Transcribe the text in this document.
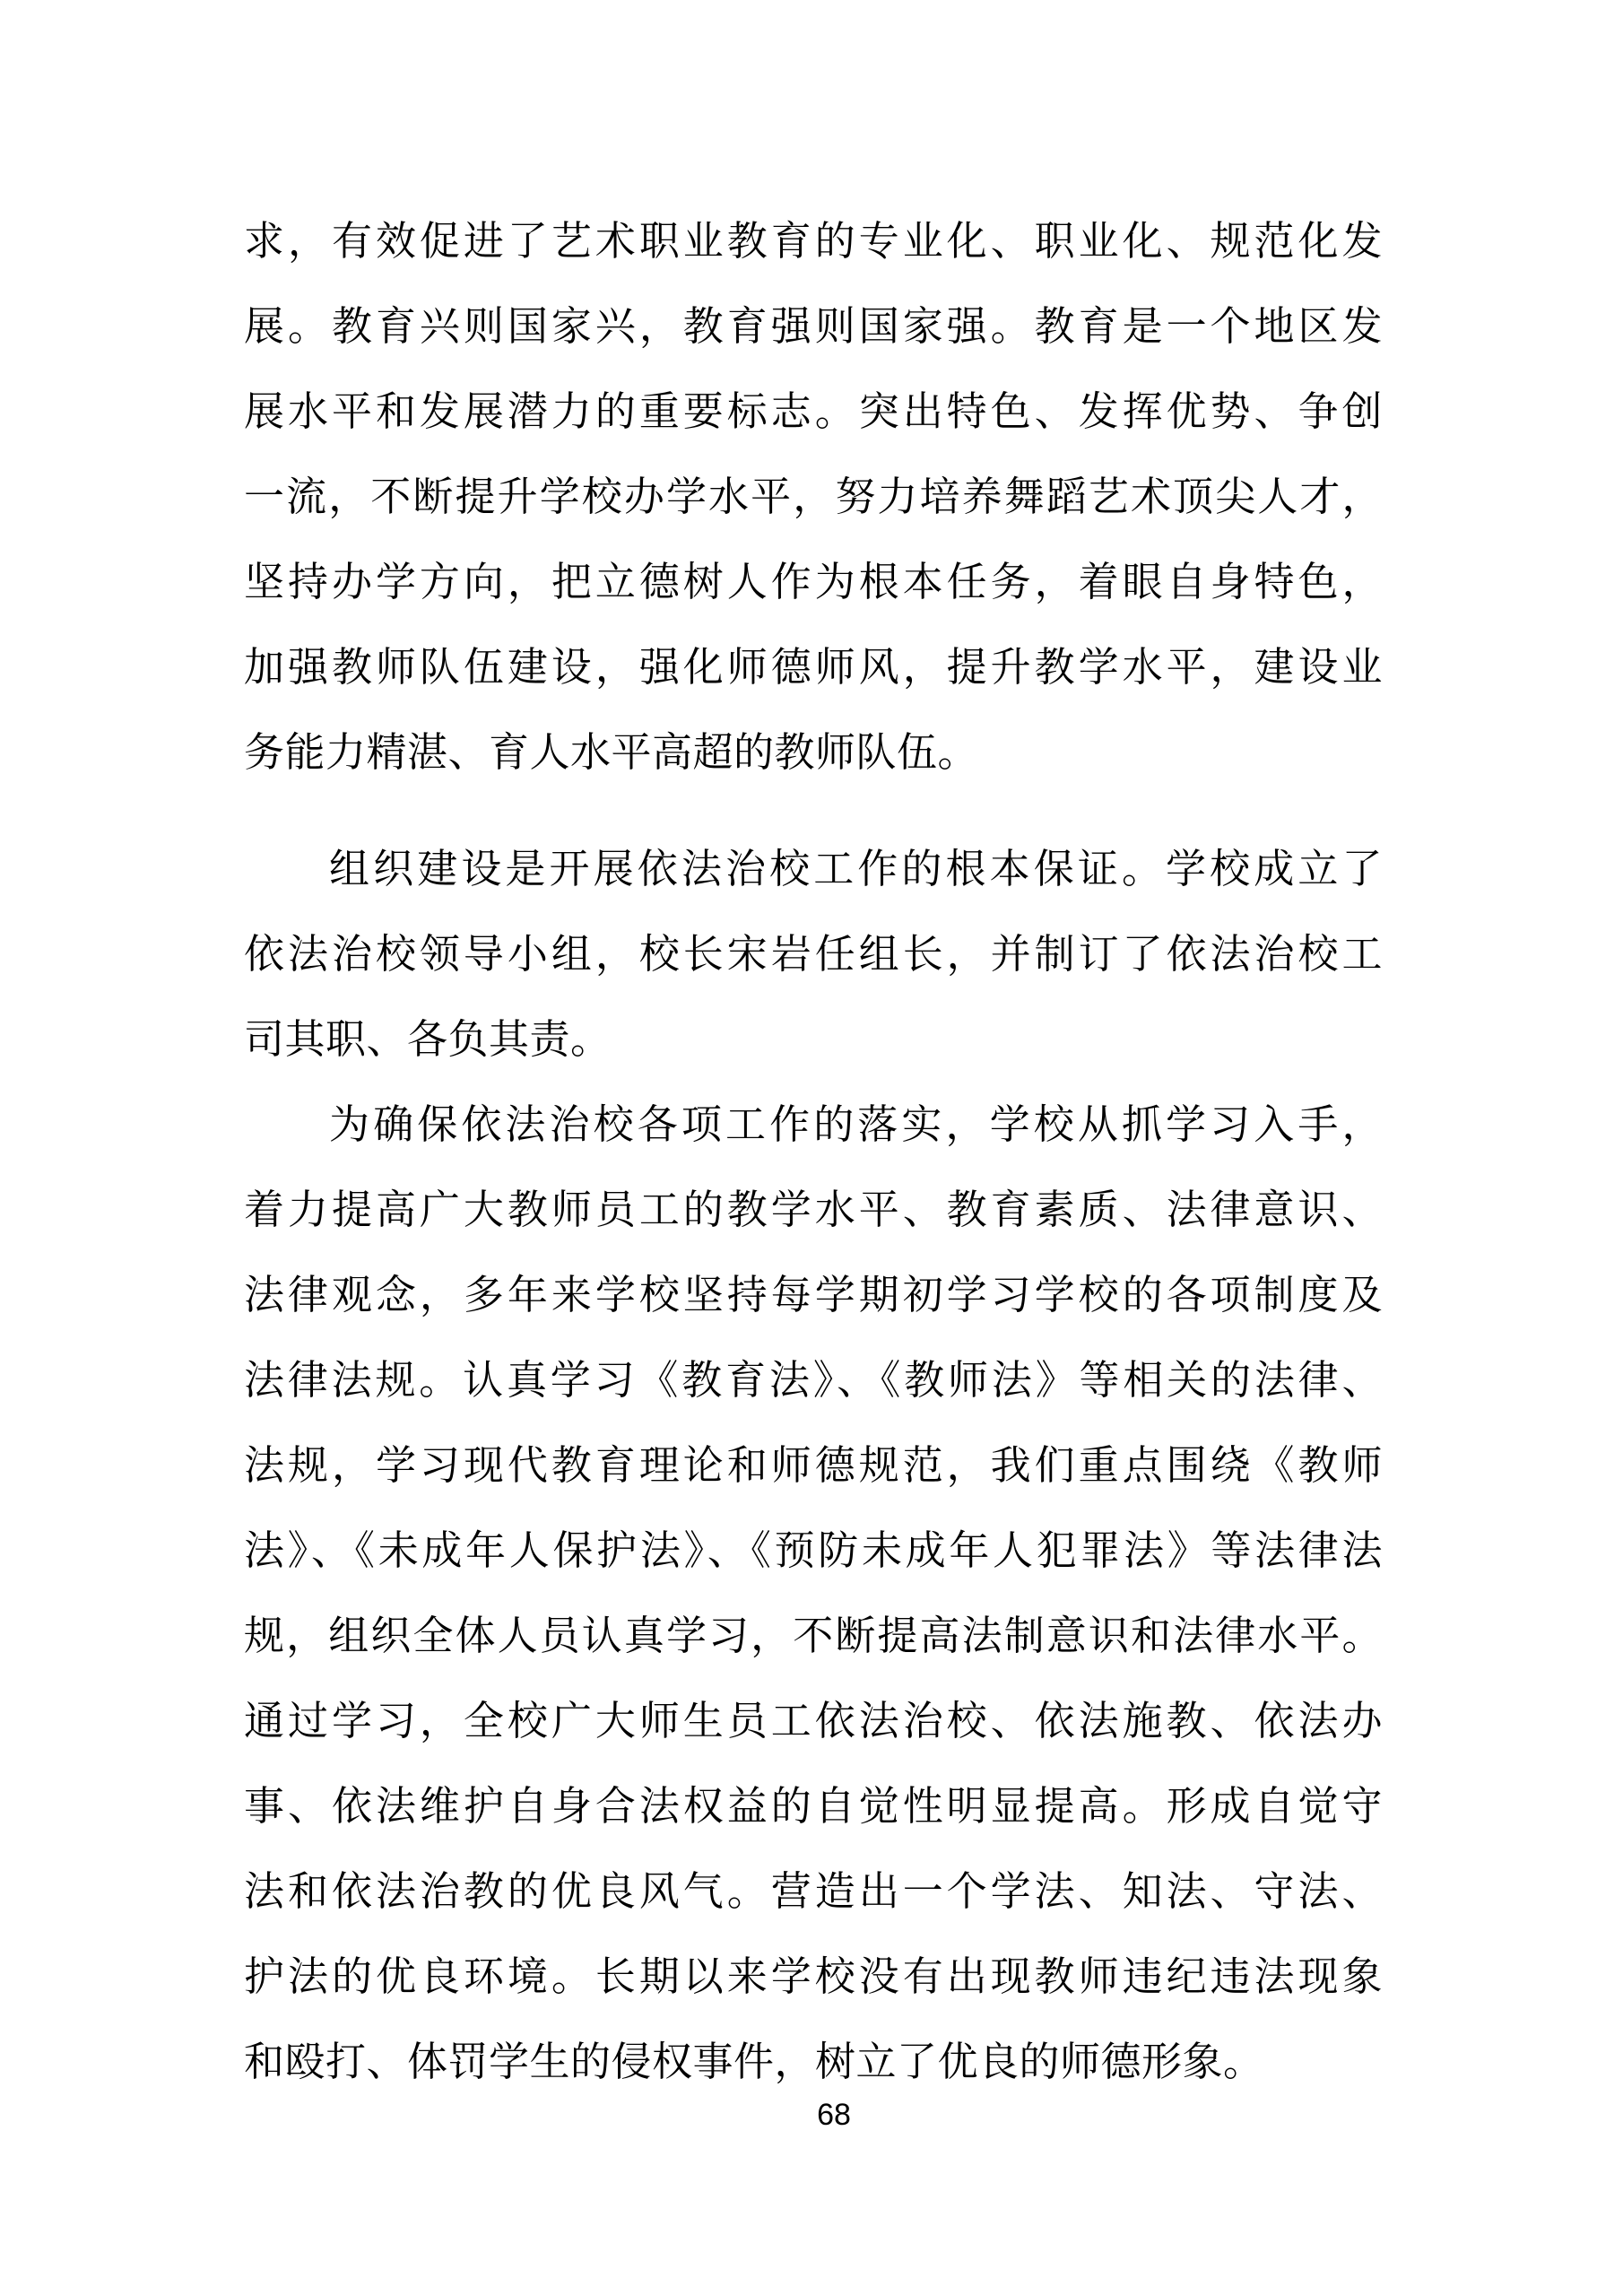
求，有效促进了艺术职业教育的专业化、职业化、规范化发
展。教育兴则国家兴，教育强则国家强。教育是一个地区发
展水平和发展潜力的重要标志。突出特色、发挥优势、争创
一流，不断提升学校办学水平，努力培养舞蹈艺术顶尖人才，
坚持办学方向，把立德树人作为根本任务，着眼自身特色，
加强教师队伍建设，强化师德师风，提升教学水平，建设业
务能力精湛、育人水平高超的教师队伍。
组织建设是开展依法治校工作的根本保证。学校成立了
依法治校领导小组，校长宋岩任组长，并制订了依法治校工
司其职、各负其责。
为确保依法治校各项工作的落实，学校从抓学习入手，
着力提高广大教师员工的教学水平、教育素质、法律意识、
法律观念，多年来学校坚持每学期初学习学校的各项制度及
法律法规。认真学习《教育法》、《教师法》等相关的法律、
法规，学习现代教育理论和师德规范，我们重点围绕《教师
法》、《未成年人保护法》、《预防未成年人犯罪法》等法律法
规，组织全体人员认真学习，不断提高法制意识和法律水平。
通过学习，全校广大师生员工依法治校、依法施教、依法办
事、依法维护自身合法权益的自觉性明显提高。形成自觉守
法和依法治教的优良风气。营造出一个学法、知法、守法、
护法的优良环境。长期以来学校没有出现教师违纪违法现象
和殴打、体罚学生的侵权事件，树立了优良的师德形象。
68
